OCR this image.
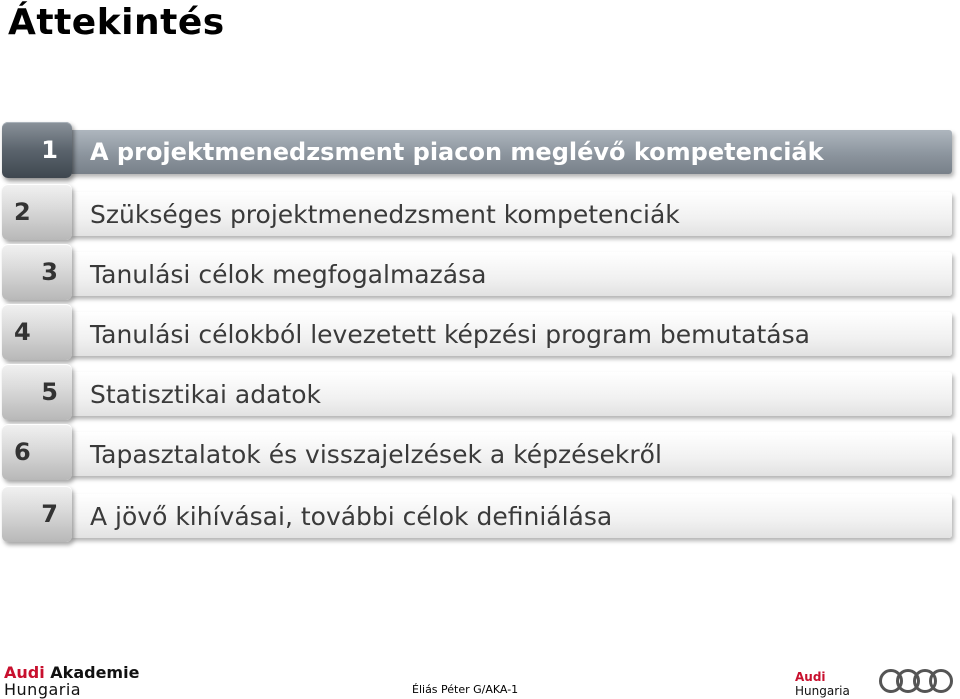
Áttekintés
A projektmenedzsment piacon meglévő kompetenciák
1
Szükséges projektmenedzsment kompetenciák
2
Tanulási célok megfogalmazása
3
Tanulási célokból levezetett képzési program bemutatása
4
Statisztikai adatok
5
Tapasztalatok és visszajelzések a képzésekről
6
A jövő kihívásai, további célok definiálása
7
Audi Akademie
Hungaria	Éliás Péter G/AKA-1
Audi
Hungaria
